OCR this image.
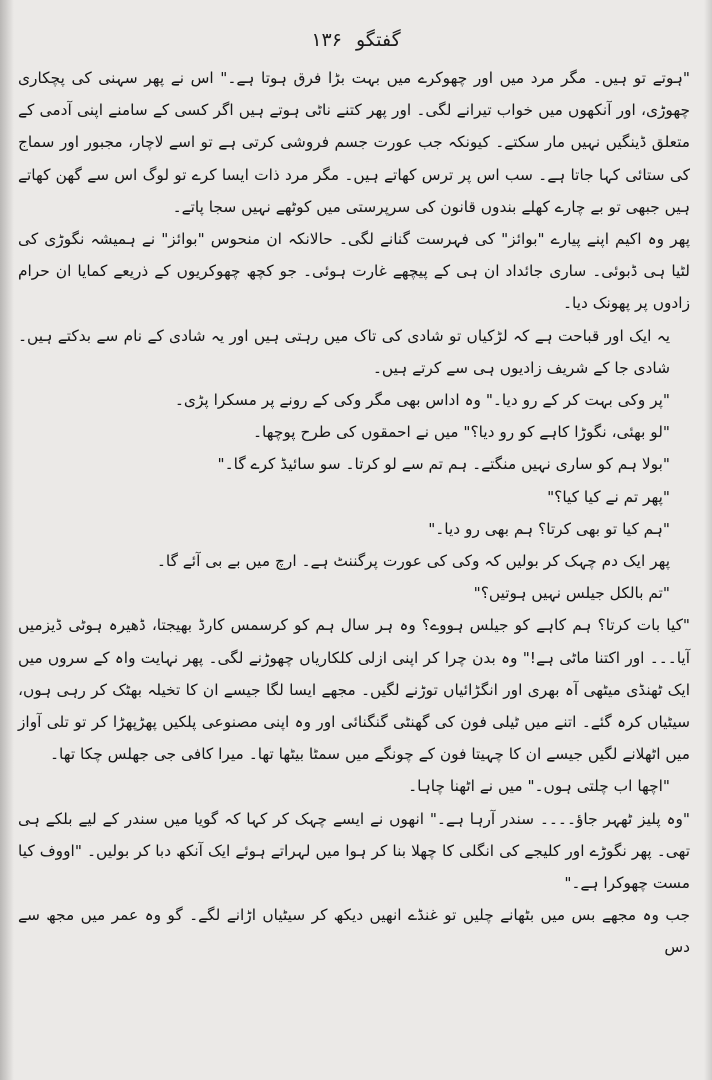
گفتگو ۱۳۶

"ہوتے تو ہیں۔ مگر مرد میں اور چھوکرے میں بہت بڑا فرق ہوتا ہے۔" اس نے پھر سہنی کی پچکاری چھوڑی، اور آنکھوں میں خواب تیرانے لگی۔ اور پھر کتنے ناٹی ہوتے ہیں اگر کسی کے سامنے اپنی آدمی کے متعلق ڈینگیں نہیں مار سکتے۔ کیونکہ جب عورت جسم فروشی کرتی ہے تو اسے لاچار، مجبور اور سماج کی ستائی کہا جاتا ہے۔ سب اس پر ترس کھاتے ہیں۔ مگر مرد ذات ایسا کرے تو لوگ اس سے گھن کھاتے ہیں جبھی تو بے چارے کھلے بندوں قانون کی سرپرستی میں کوٹھے نہیں سجا پاتے۔

پھر وہ اکیم اپنے پیارے "بوائز" کی فہرست گنانے لگی۔ حالانکہ ان منحوس "بوائز" نے ہمیشہ نگوڑی کی لٹیا ہی ڈبوئی۔ ساری جائداد ان ہی کے پیچھے غارت ہوئی۔ جو کچھ چھوکریوں کے ذریعے کمایا ان حرام زادوں پر پھونک دیا۔

یہ ایک اور قباحت ہے کہ لڑکیاں تو شادی کی تاک میں رہتی ہیں اور یہ شادی کے نام سے بدکتے ہیں۔ شادی جا کے شریف زادیوں ہی سے کرتے ہیں۔

"پر وکی بہت کر کے رو دیا۔" وہ اداس بھی مگر وکی کے رونے پر مسکرا پڑی۔

"لو بھئی، نگوڑا کاہے کو رو دیا؟" میں نے احمقوں کی طرح پوچھا۔

"بولا ہم کو ساری نہیں منگتے۔ ہم تم سے لو کرتا۔ سو سائیڈ کرے گا۔"

"پھر تم نے کیا کیا؟"

"ہم کیا تو بھی کرتا؟ ہم بھی رو دیا۔"

پھر ایک دم چہک کر بولیں کہ وکی کی عورت پرگننٹ ہے۔ ارچ میں بے بی آئے گا۔

"تم بالکل جیلس نہیں ہوتیں؟"

"کیا بات کرتا؟ ہم کاہے کو جیلس ہووے؟ وہ ہر سال ہم کو کرسمس کارڈ بھیجتا، ڈھیرہ ہوٹی ڈیزمیں آیا۔۔۔ اور اکتنا ماٹی ہے!" وہ بدن چرا کر اپنی ازلی کلکاریاں چھوڑنے لگی۔ پھر نہایت واہ کے سروں میں ایک ٹھنڈی میٹھی آہ بھری اور انگڑائیاں توڑنے لگیں۔ مجھے ایسا لگا جیسے ان کا تخیلہ بھٹک کر رہی ہوں، سیٹیاں کرہ گئے۔ اتنے میں ٹیلی فون کی گھنٹی گنگنائی اور وہ اپنی مصنوعی پلکیں پھڑپھڑا کر تو تلی آواز میں اٹھلانے لگیں جیسے ان کا چہیتا فون کے چونگے میں سمٹا بیٹھا تھا۔ میرا کافی جی جھلس چکا تھا۔

"اچھا اب چلتی ہوں۔" میں نے اٹھنا چاہا۔

"وہ پلیز ٹھہر جاؤ۔۔۔۔ سندر آرہا ہے۔" انھوں نے ایسے چہک کر کہا کہ گویا میں سندر کے لیے بلکے ہی تھی۔ پھر نگوڑے اور کلیجے کی انگلی کا چھلا بنا کر ہوا میں لہراتے ہوئے ایک آنکھ دبا کر بولیں۔ "اووف کیا مست چھوکرا ہے۔"

جب وہ مجھے بس میں بٹھانے چلیں تو غنڈے انھیں دیکھ کر سیٹیاں اڑانے لگے۔ گو وہ عمر میں مجھ سے دس
